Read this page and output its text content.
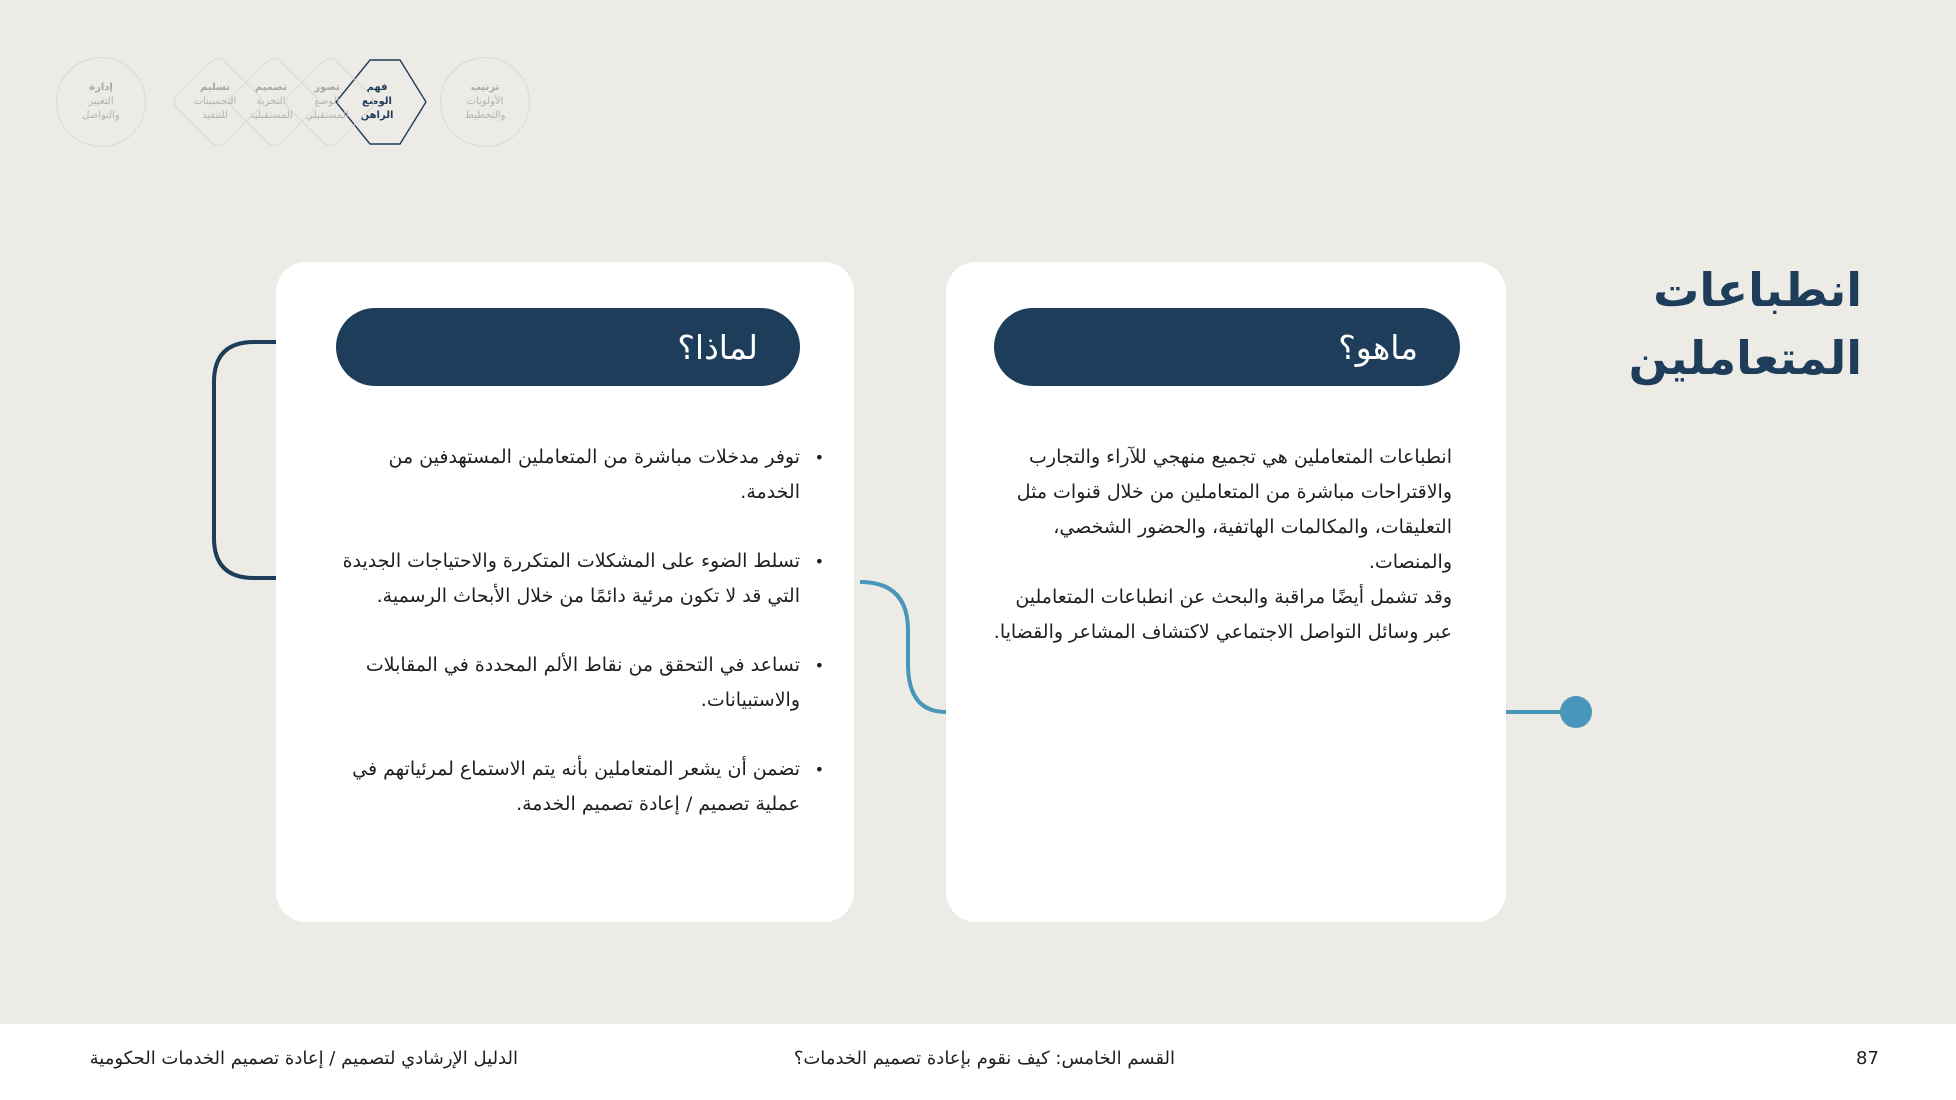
ترتيب
الأولويات
والتخطيط
فهم
الوضع
الراهن
تصور
الوضع
المستقبلي
تصميم
التجربة
المستقبلية
تسليم
التحسينات
للتنفيذ
إدارة
التغيير
والتواصل
انطباعات
المتعاملين
ماهو؟
انطباعات المتعاملين هي تجميع منهجي للآراء والتجارب والاقتراحات مباشرة من المتعاملين من خلال قنوات مثل التعليقات، والمكالمات الهاتفية، والحضور الشخصي، والمنصات.
وقد تشمل أيضًا مراقبة والبحث عن انطباعات المتعاملين عبر وسائل التواصل الاجتماعي لاكتشاف المشاعر والقضايا.
لماذا؟
•
توفر مدخلات مباشرة من المتعاملين المستهدفين من الخدمة.
•
تسلط الضوء على المشكلات المتكررة والاحتياجات الجديدة التي قد لا تكون مرئية دائمًا من خلال الأبحاث الرسمية.
•
تساعد في التحقق من نقاط الألم المحددة في المقابلات والاستبيانات.
•
تضمن أن يشعر المتعاملين بأنه يتم الاستماع لمرئياتهم في عملية تصميم / إعادة تصميم الخدمة.
87
القسم الخامس: كيف نقوم بإعادة تصميم الخدمات؟
الدليل الإرشادي لتصميم / إعادة تصميم الخدمات الحكومية
